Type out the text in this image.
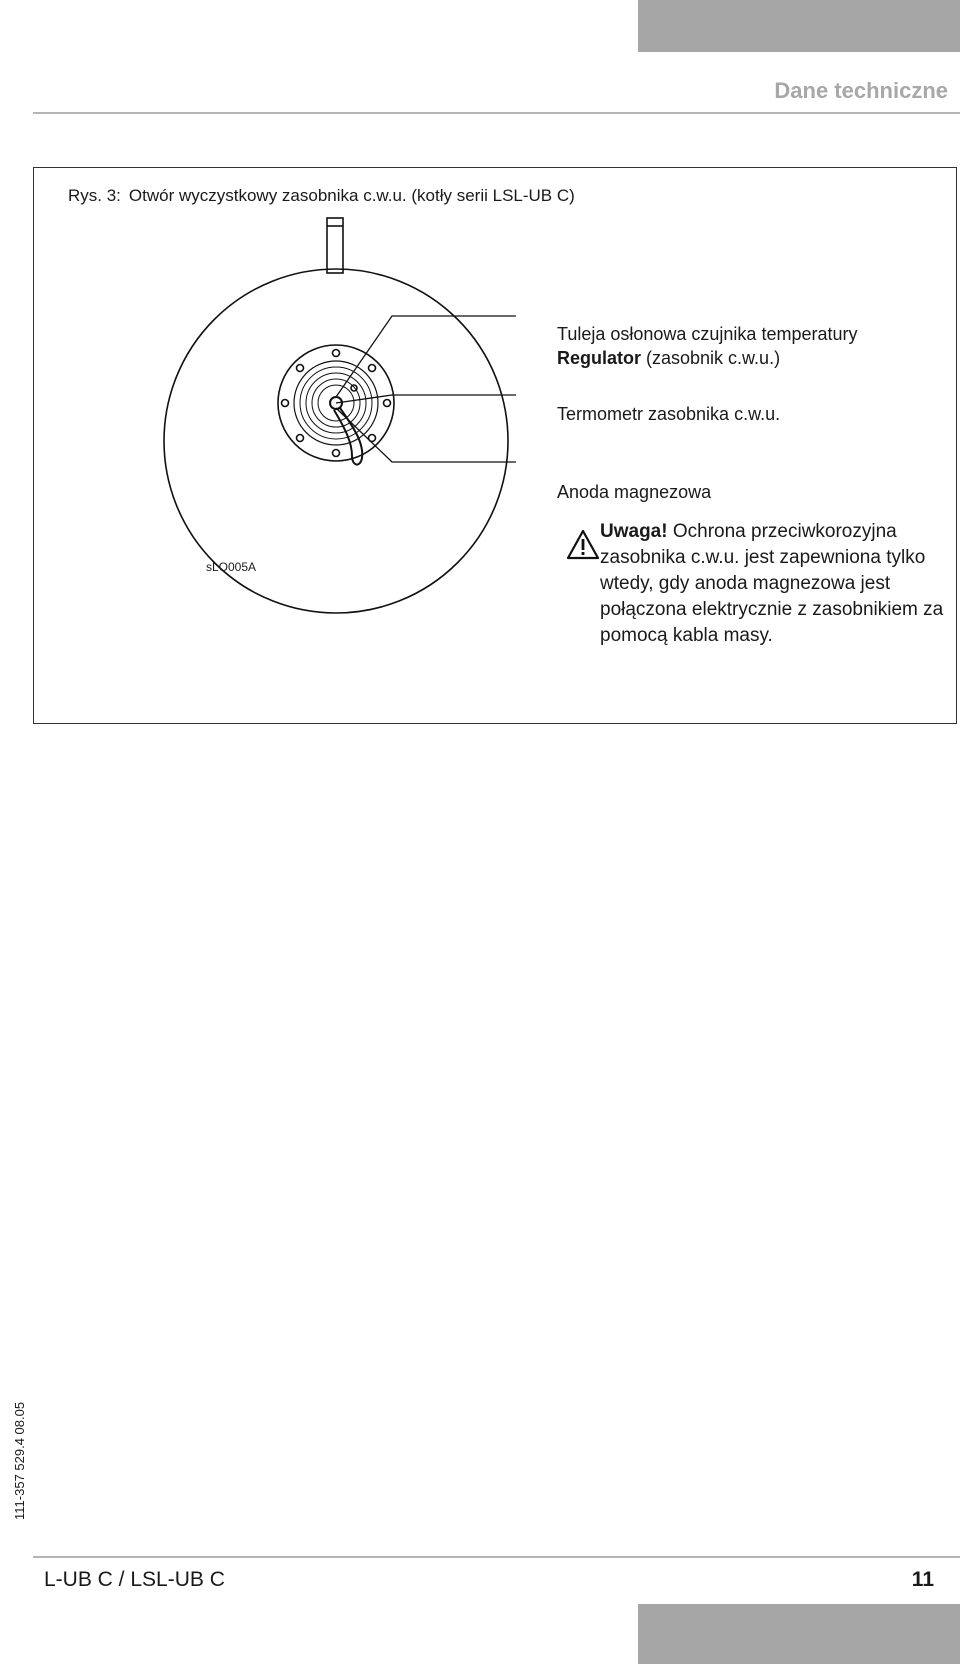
Dane techniczne
Rys. 3: Otwór wyczystkowy zasobnika c.w.u. (kotły serii LSL-UB C)
sLO005A
Tuleja osłonowa czujnika temperatury
Regulator (zasobnik c.w.u.)
Termometr zasobnika c.w.u.
Anoda magnezowa
Uwaga! Ochrona przeciwkorozyjna zasobnika c.w.u. jest zapewniona tylko wtedy, gdy anoda magnezowa jest połączona elektrycznie z zasobnikiem za pomocą kabla masy.
111-357 529.4 08.05
L-UB C / LSL-UB C	11
